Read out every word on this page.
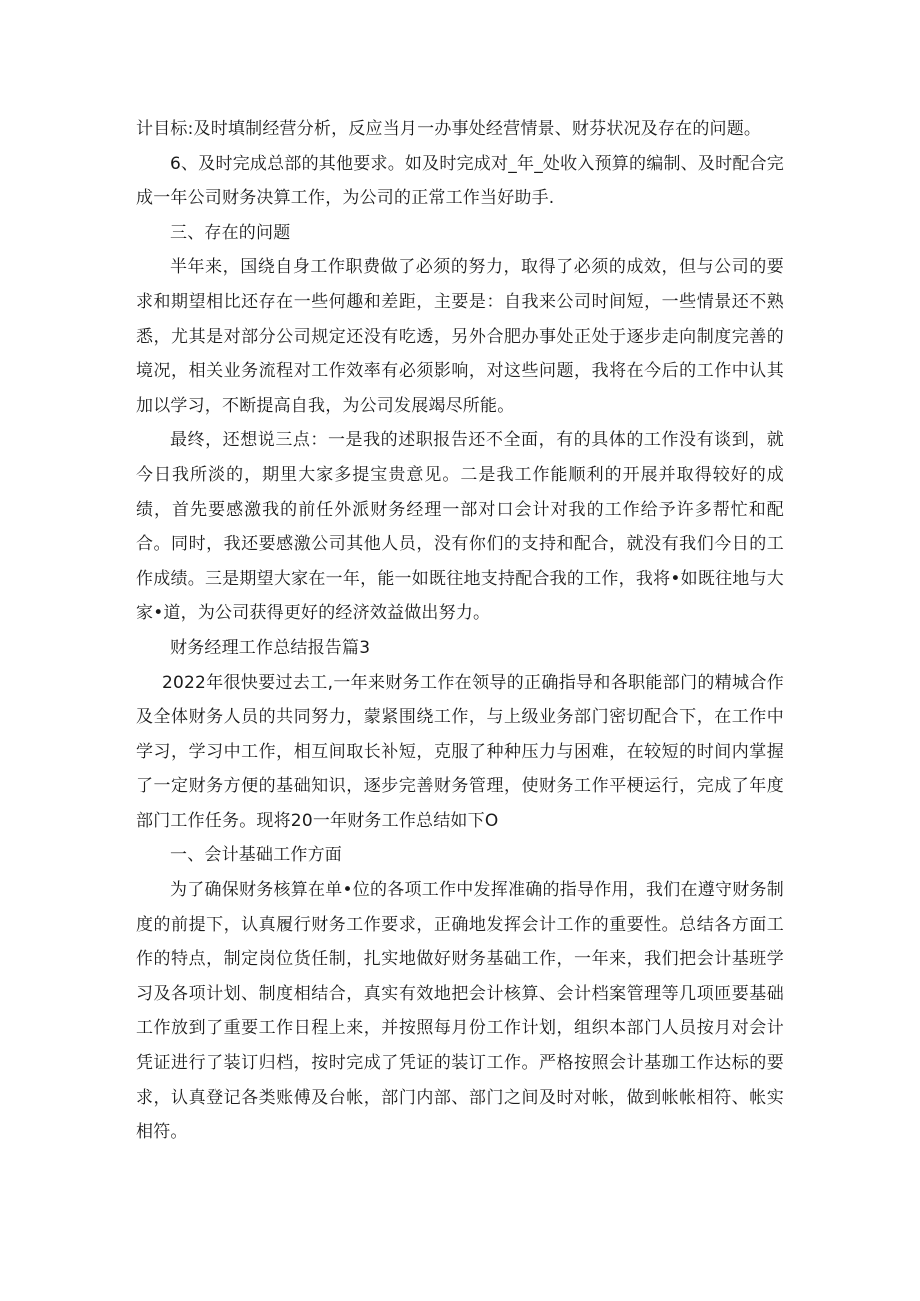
计目标:及时填制经营分析，反应当月一办事处经营情景、财芬状况及存在的问题。

6、及时完成总部的其他要求。如及时完成对_年_处收入预算的编制、及时配合完成一年公司财务决算工作，为公司的正常工作当好助手.

三、存在的问题

半年来，国绕自身工作职费做了必须的努力，取得了必须的成效，但与公司的要求和期望相比还存在一些何趣和差距，主要是：自我来公司时间短，一些情景还不熟悉，尤其是对部分公司规定还没有吃透，另外合肥办事处正处于逐步走向制度完善的境况，相关业务流程对工作效率有必须影响，对这些问题，我将在今后的工作中认其加以学习，不断提高自我，为公司发展竭尽所能。

最终，还想说三点：一是我的述职报告还不全面，有的具体的工作没有谈到，就今日我所淡的，期里大家多提宝贵意见。二是我工作能顺利的开展并取得较好的成绩，首先要感激我的前任外派财务经理一部对口会计对我的工作给予许多帮忙和配合。同时，我还要感激公司其他人员，没有你们的支持和配合，就没有我们今日的工作成绩。三是期望大家在一年，能一如既往地支持配合我的工作，我将•如既往地与大家•道，为公司获得更好的经济效益做出努力。

财务经理工作总结报告篇3

2022年很快要过去工,一年来财务工作在领导的正确指导和各职能部门的精城合作及全体财务人员的共同努力，蒙紧围绕工作，与上级业务部门密切配合下，在工作中学习，学习中工作，相互间取长补短，克服了种种压力与困难，在较短的时间内掌握了一定财务方便的基础知识，逐步完善财务管理，使财务工作平梗运行，完成了年度部门工作任务。现将20一年财务工作总结如下O

一、会计基础工作方面

为了确保财务核算在单•位的各项工作中发挥准确的指导作用，我们在遵守财务制度的前提下，认真履行财务工作要求，正确地发挥会计工作的重要性。总结各方面工作的特点，制定岗位货任制，扎实地做好财务基础工作，一年来，我们把会计基班学习及各项计划、制度相结合，真实有效地把会计核算、会计档案管理等几项匝要基础工作放到了重要工作日程上来，并按照每月份工作计划，组织本部门人员按月对会计凭证进行了装订归档，按时完成了凭证的装订工作。严格按照会计基珈工作达标的要求，认真登记各类账傅及台帐，部门内部、部门之间及时对帐，做到帐帐相符、帐实相符。
